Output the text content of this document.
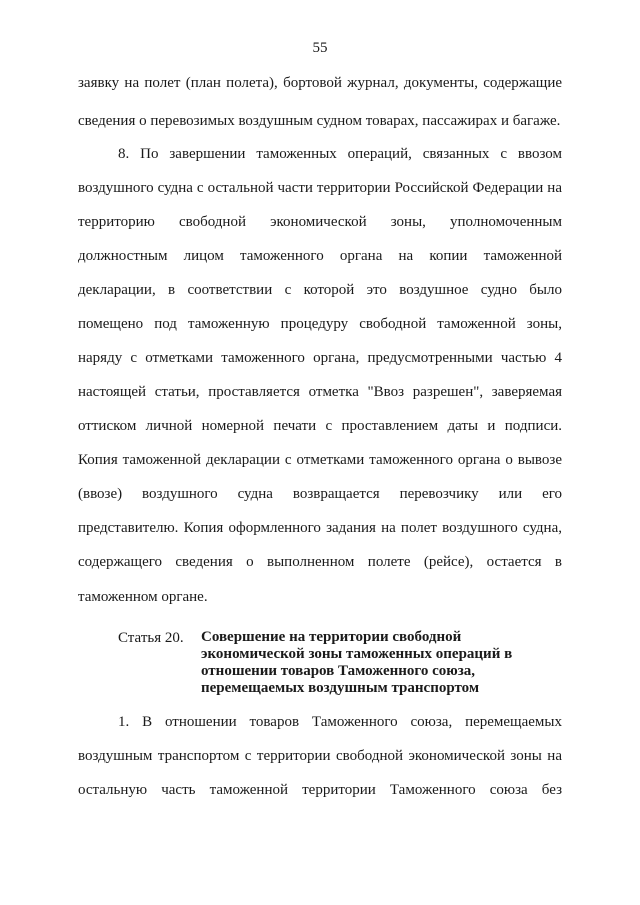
55
заявку на полет (план полета), бортовой журнал, документы, содержащие
сведения о перевозимых воздушным судном товарах, пассажирах и багаже.
8. По завершении таможенных операций, связанных с ввозом
воздушного судна с остальной части территории Российской Федерации на
территорию свободной экономической зоны, уполномоченным
должностным лицом таможенного органа на копии таможенной
декларации, в соответствии с которой это воздушное судно было
помещено под таможенную процедуру свободной таможенной зоны,
наряду с отметками таможенного органа, предусмотренными частью 4
настоящей статьи, проставляется отметка "Ввоз разрешен", заверяемая
оттиском личной номерной печати с проставлением даты и подписи.
Копия таможенной декларации с отметками таможенного органа о вывозе
(ввозе) воздушного судна возвращается перевозчику или его
представителю. Копия оформленного задания на полет воздушного судна,
содержащего сведения о выполненном полете (рейсе), остается в
таможенном органе.
Статья 20. Совершение на территории свободной
экономической зоны таможенных операций в
отношении товаров Таможенного союза,
перемещаемых воздушным транспортом
1. В отношении товаров Таможенного союза, перемещаемых
воздушным транспортом с территории свободной экономической зоны на
остальную часть таможенной территории Таможенного союза без
